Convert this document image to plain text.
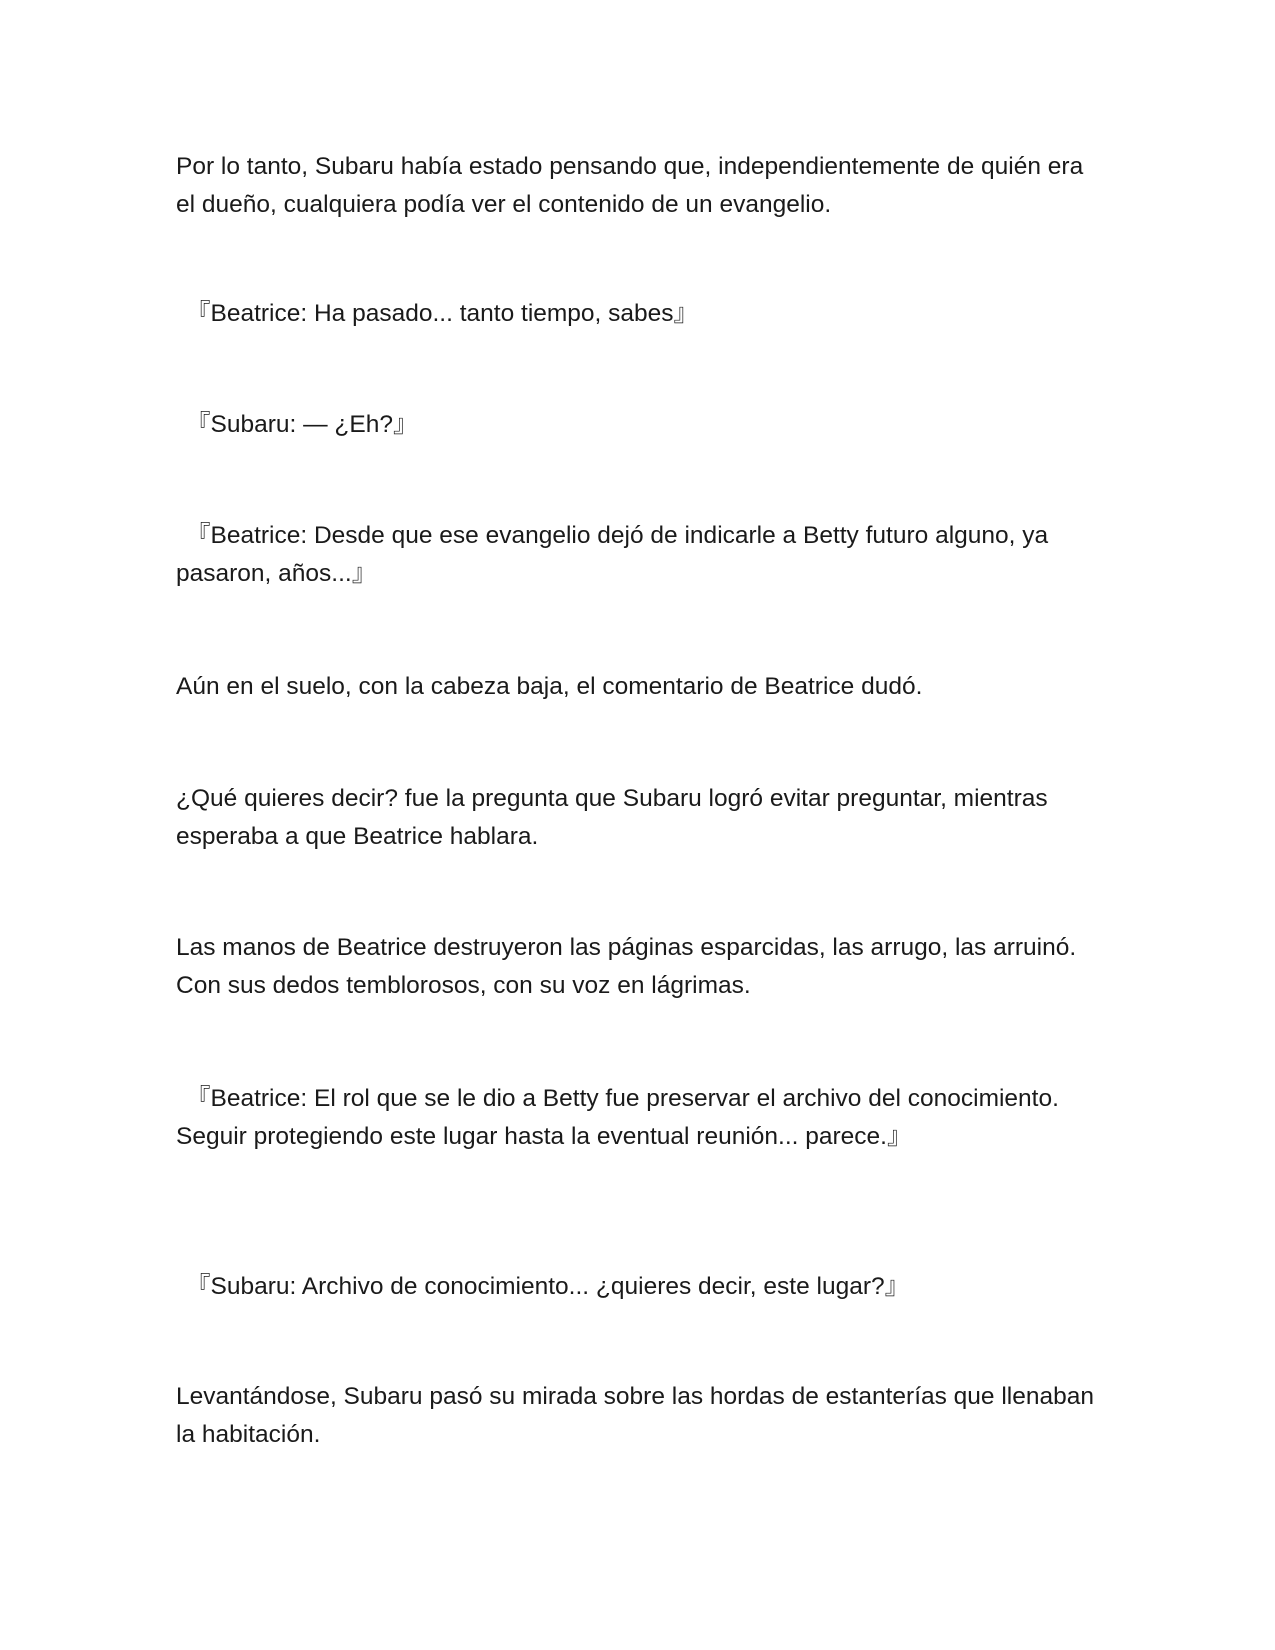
Por lo tanto, Subaru había estado pensando que, independientemente de quién era el dueño, cualquiera podía ver el contenido de un evangelio.

『Beatrice: Ha pasado... tanto tiempo, sabes』

『Subaru: — ¿Eh?』

『Beatrice: Desde que ese evangelio dejó de indicarle a Betty futuro alguno, ya pasaron, años...』

Aún en el suelo, con la cabeza baja, el comentario de Beatrice dudó.

¿Qué quieres decir? fue la pregunta que Subaru logró evitar preguntar, mientras esperaba a que Beatrice hablara.

Las manos de Beatrice destruyeron las páginas esparcidas, las arrugo, las arruinó. Con sus dedos temblorosos, con su voz en lágrimas.

『Beatrice: El rol que se le dio a Betty fue preservar el archivo del conocimiento. Seguir protegiendo este lugar hasta la eventual reunión... parece.』

『Subaru: Archivo de conocimiento... ¿quieres decir, este lugar?』

Levantándose, Subaru pasó su mirada sobre las hordas de estanterías que llenaban la habitación.
